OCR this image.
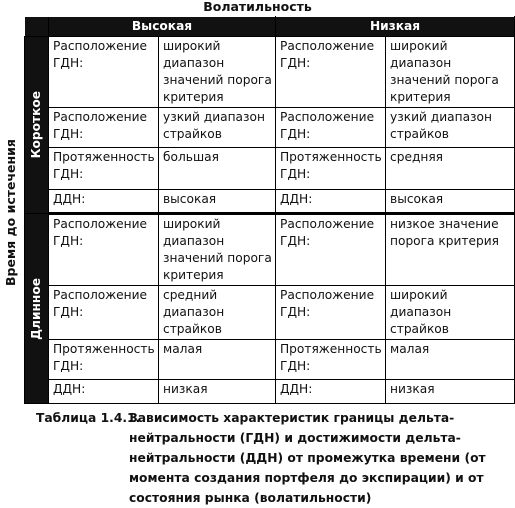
Волатильность
Время до истечения
	Высокая		Низкая	

Короткое	Расположение ГДН:	широкий диапазон значений порога критерия	Расположение ГДН:	широкий диапазон значений порога критерия
	Расположение ГДН:	узкий диапазон страйков	Расположение ГДН:	узкий диапазон страйков
	Протяженность ГДН:	большая	Протяженность ГДН:	средняя
	ДДН:	высокая	ДДН:	высокая

Длинное	Расположение ГДН:	широкий диапазон значений порога критерия	Расположение ГДН:	низкое значение порога критерия
	Расположение ГДН:	средний диапазон страйков	Расположение ГДН:	широкий диапазон страйков
	Протяженность ГДН:	малая	Протяженность ГДН:	малая
	ДДН:	низкая	ДДН:	низкая
Таблица 1.4.1.
Зависимость характеристик границы дельта-нейтральности (ГДН) и достижимости дельта-нейтральности (ДДН) от промежутка времени (от момента создания портфеля до экспирации) и от состояния рынка (волатильности)
